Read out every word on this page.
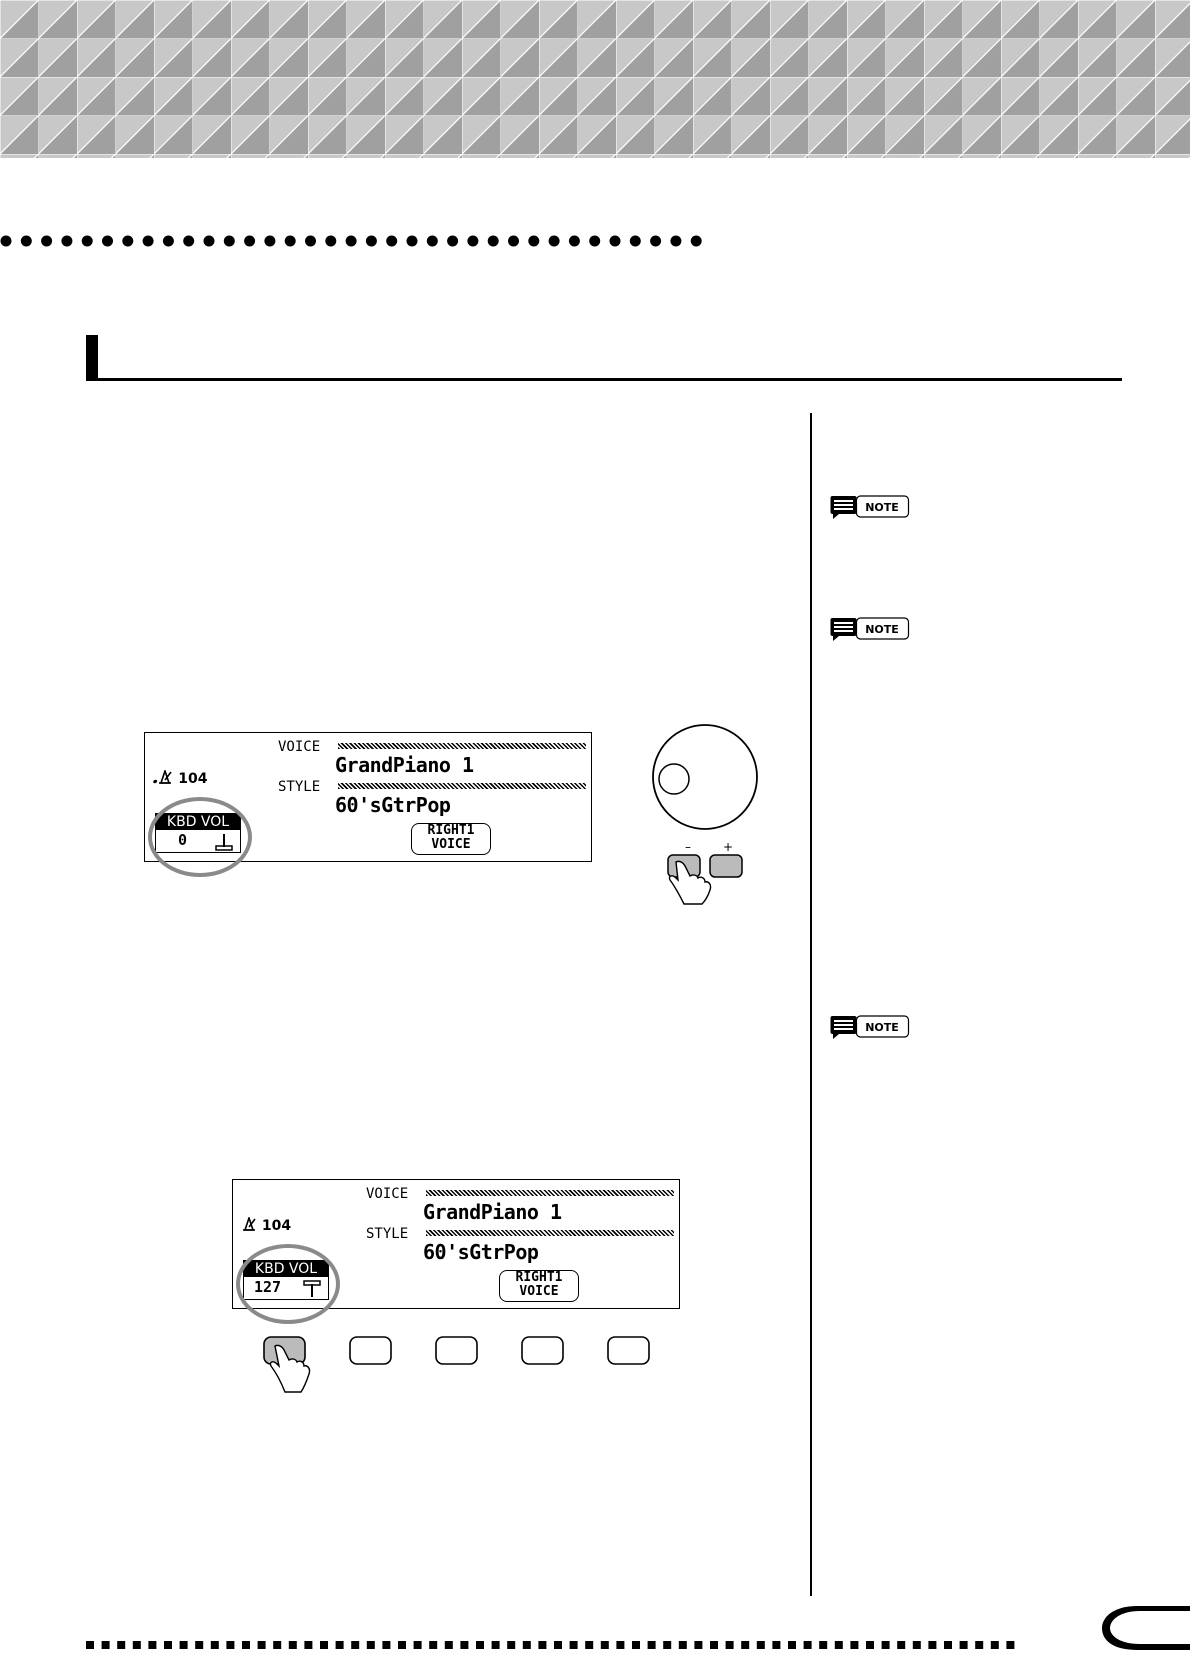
NOTE
NOTE
NOTE
VOICE
GrandPiano 1
STYLE
60'sGtrPop
𝅘 104
KBD VOL
0
RIGHT1
VOICE	–	+
VOICE
GrandPiano 1
STYLE
60'sGtrPop
104
KBD VOL
127
RIGHT1
VOICE
